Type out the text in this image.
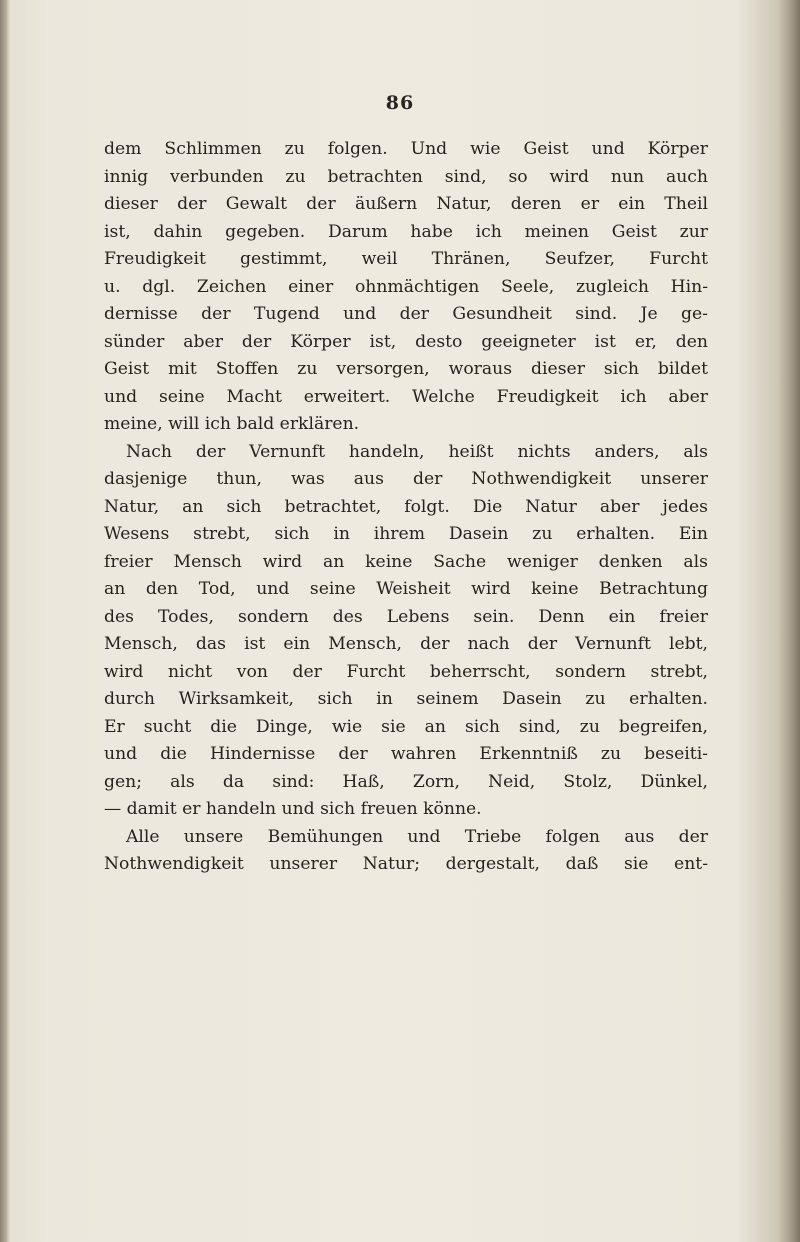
86
dem Schlimmen zu folgen. Und wie Geist und Körper
innig verbunden zu betrachten sind, so wird nun auch
dieser der Gewalt der äußern Natur, deren er ein Theil
ist, dahin gegeben. Darum habe ich meinen Geist zur
Freudigkeit gestimmt, weil Thränen, Seufzer, Furcht
u. dgl. Zeichen einer ohnmächtigen Seele, zugleich Hin-
dernisse der Tugend und der Gesundheit sind. Je ge-
sünder aber der Körper ist, desto geeigneter ist er, den
Geist mit Stoffen zu versorgen, woraus dieser sich bildet
und seine Macht erweitert. Welche Freudigkeit ich aber
meine, will ich bald erklären.
Nach der Vernunft handeln, heißt nichts anders, als
dasjenige thun, was aus der Nothwendigkeit unserer
Natur, an sich betrachtet, folgt. Die Natur aber jedes
Wesens strebt, sich in ihrem Dasein zu erhalten. Ein
freier Mensch wird an keine Sache weniger denken als
an den Tod, und seine Weisheit wird keine Betrachtung
des Todes, sondern des Lebens sein. Denn ein freier
Mensch, das ist ein Mensch, der nach der Vernunft lebt,
wird nicht von der Furcht beherrscht, sondern strebt,
durch Wirksamkeit, sich in seinem Dasein zu erhalten.
Er sucht die Dinge, wie sie an sich sind, zu begreifen,
und die Hindernisse der wahren Erkenntniß zu beseiti-
gen; als da sind: Haß, Zorn, Neid, Stolz, Dünkel,
— damit er handeln und sich freuen könne.
Alle unsere Bemühungen und Triebe folgen aus der
Nothwendigkeit unserer Natur; dergestalt, daß sie ent-
